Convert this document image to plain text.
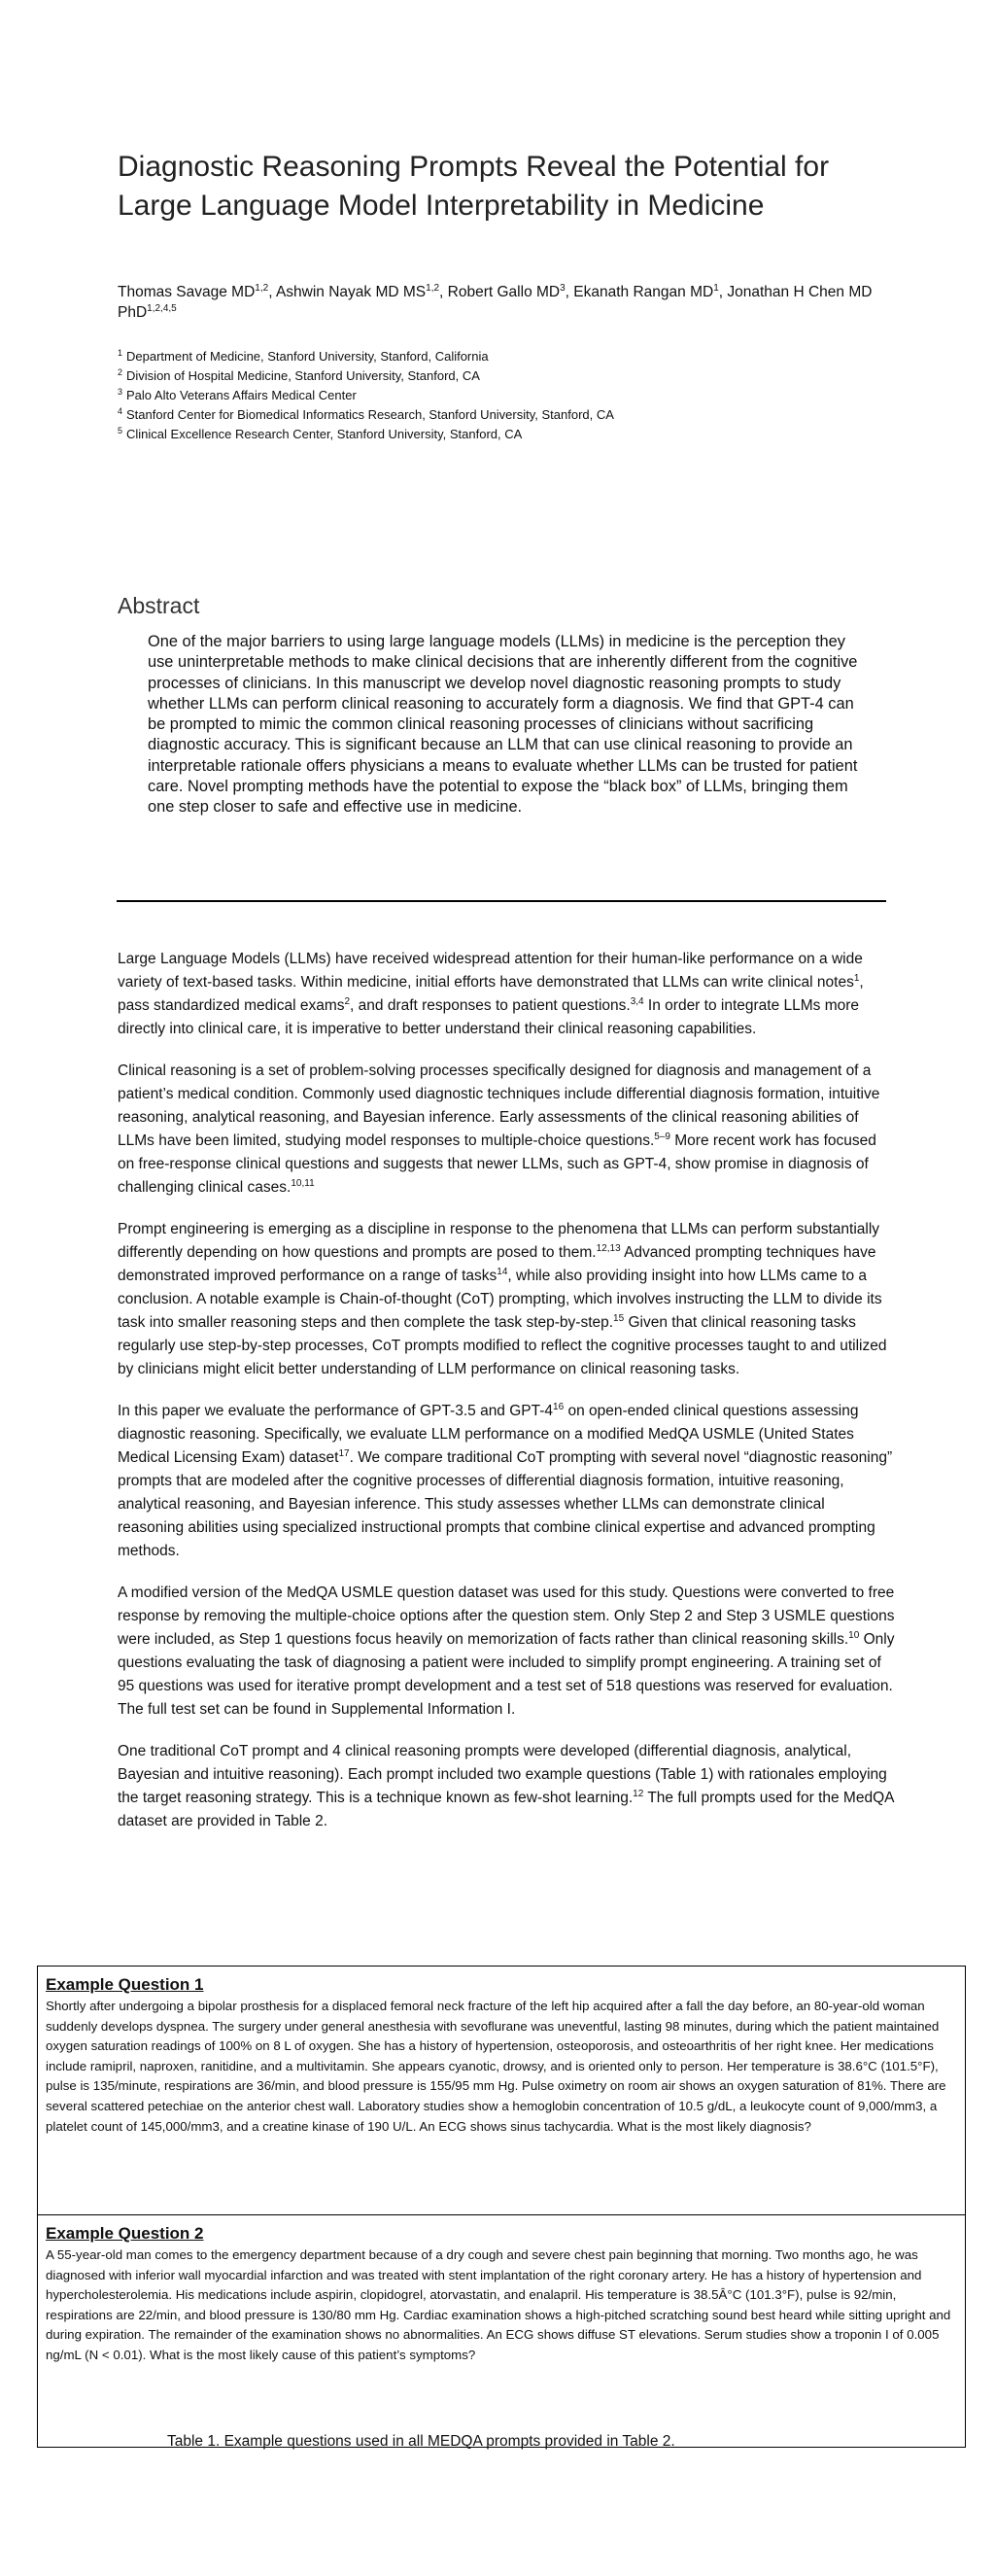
Diagnostic Reasoning Prompts Reveal the Potential for Large Language Model Interpretability in Medicine
Thomas Savage MD$^{1,2}$, Ashwin Nayak MD MS$^{1,2}$, Robert Gallo $MD^3$, Ekanath Rangan $MD^1$, Jonathan H Chen MD PhD$^{1,2,4,5}$
$^1$ Department of Medicine, Stanford University, Stanford, California
$^2$ Division of Hospital Medicine, Stanford University, Stanford, CA
$^3$ Palo Alto Veterans Affairs Medical Center
$^4$ Stanford Center for Biomedical Informatics Research, Stanford University, Stanford, CA
$^5$ Clinical Excellence Research Center, Stanford University, Stanford, CA
Abstract

One of the major barriers to using large language models (LLMs) in medicine is the perception they use uninterpretable methods to make clinical decisions that are inherently different from the cognitive processes of clinicians. In this manuscript we develop novel diagnostic reasoning prompts to study whether LLMs can perform clinical reasoning to accurately form a diagnosis. We find that GPT-4 can be prompted to mimic the common clinical reasoning processes of clinicians without sacrificing diagnostic accuracy. This is significant because an LLM that can use clinical reasoning to provide an interpretable rationale offers physicians a means to evaluate whether LLMs can be trusted for patient care. Novel prompting methods have the potential to expose the “black box” of LLMs, bringing them one step closer to safe and effective use in medicine.

Large Language Models (LLMs) have received widespread attention for their human-like performance on a wide variety of text-based tasks. Within medicine, initial efforts have demonstrated that LLMs can write clinical notes$^1$, pass standardized medical exams$^2$, and draft responses to patient questions.$^{3,4}$ In order to integrate LLMs more directly into clinical care, it is imperative to better understand their clinical reasoning capabilities.

Clinical reasoning is a set of problem-solving processes specifically designed for diagnosis and management of a patient’s medical condition. Commonly used diagnostic techniques include differential diagnosis formation, intuitive reasoning, analytical reasoning, and Bayesian inference. Early assessments of the clinical reasoning abilities of LLMs have been limited, studying model responses to multiple-choice questions.$^{5-9}$ More recent work has focused on free-response clinical questions and suggests that newer LLMs, such as GPT-4, show promise in diagnosis of challenging clinical cases.$^{10,11}$

Prompt engineering is emerging as a discipline in response to the phenomena that LLMs can perform substantially differently depending on how questions and prompts are posed to them.$^{12,13}$ Advanced prompting techniques have demonstrated improved performance on a range of tasks$^{14}$, while also providing insight into how LLMs came to a conclusion. A notable example is Chain-of-thought (CoT) prompting, which involves instructing the LLM to divide its task into smaller reasoning steps and then complete the task step-by-step.$^{15}$ Given that clinical reasoning tasks regularly use step-by-step processes, CoT prompts modified to reflect the cognitive processes taught to and utilized by clinicians might elicit better understanding of LLM performance on clinical reasoning tasks.

In this paper we evaluate the performance of GPT-3.5 and GPT-$4^{16}$ on open-ended clinical questions assessing diagnostic reasoning. Specifically, we evaluate LLM performance on a modified MedQA USMLE (United States Medical Licensing Exam) dataset$^{17}$. We compare traditional CoT prompting with several novel “diagnostic reasoning” prompts that are modeled after the cognitive processes of differential diagnosis formation, intuitive reasoning, analytical reasoning, and Bayesian inference. This study assesses whether LLMs can demonstrate clinical reasoning abilities using specialized instructional prompts that combine clinical expertise and advanced prompting methods.

A modified version of the MedQA USMLE question dataset was used for this study. Questions were converted to free response by removing the multiple-choice options after the question stem. Only Step 2 and Step 3 USMLE questions were included, as Step 1 questions focus heavily on memorization of facts rather than clinical reasoning skills.$^{10}$ Only questions evaluating the task of diagnosing a patient were included to simplify prompt engineering. A training set of 95 questions was used for iterative prompt development and a test set of 518 questions was reserved for evaluation. The full test set can be found in Supplemental Information I.

One traditional CoT prompt and 4 clinical reasoning prompts were developed (differential diagnosis, analytical, Bayesian and intuitive reasoning). Each prompt included two example questions (Table 1) with rationales employing the target reasoning strategy. This is a technique known as few-shot learning.$^{12}$ The full prompts used for the MedQA dataset are provided in Table 2.

Example Question 1

Shortly after undergoing a bipolar prosthesis for a displaced femoral neck fracture of the left hip acquired after a fall the day before, an 80-year-old woman suddenly develops dyspnea. The surgery under general anesthesia with sevoflurane was uneventful, lasting 98 minutes, during which the patient maintained oxygen saturation readings of 100% on 8 L of oxygen. She has a history of hypertension, osteoporosis, and osteoarthritis of her right knee. Her medications include ramipril, naproxen, ranitidine, and a multivitamin. She appears cyanotic, drowsy, and is oriented only to person. Her temperature is 38.6°C (101.5°F), pulse is 135/minute, respirations are 36/min, and blood pressure is 155/95 mm Hg. Pulse oximetry on room air shows an oxygen saturation of 81%. There are several scattered petechiae on the anterior chest wall. Laboratory studies show a hemoglobin concentration of 10.5 g/dL, a leukocyte count of 9,000/mm3, a platelet count of 145,000/mm3, and a creatine kinase of 190 U/L. An ECG shows sinus tachycardia. What is the most likely diagnosis?

Example Question 2

A 55-year-old man comes to the emergency department because of a dry cough and severe chest pain beginning that morning. Two months ago, he was diagnosed with inferior wall myocardial infarction and was treated with stent implantation of the right coronary artery. He has a history of hypertension and hypercholesterolemia. His medications include aspirin, clopidogrel, atorvastatin, and enalapril. His temperature is 38.5Â°C (101.3°F), pulse is 92/min, respirations are 22/min, and blood pressure is 130/80 mm Hg. Cardiac examination shows a high-pitched scratching sound best heard while sitting upright and during expiration. The remainder of the examination shows no abnormalities. An ECG shows diffuse ST elevations. Serum studies show a troponin I of 0.005 ng/mL (N < 0.01). What is the most likely cause of this patient’s symptoms?

Table 1. Example questions used in all MEDQA prompts provided in Table 2.
